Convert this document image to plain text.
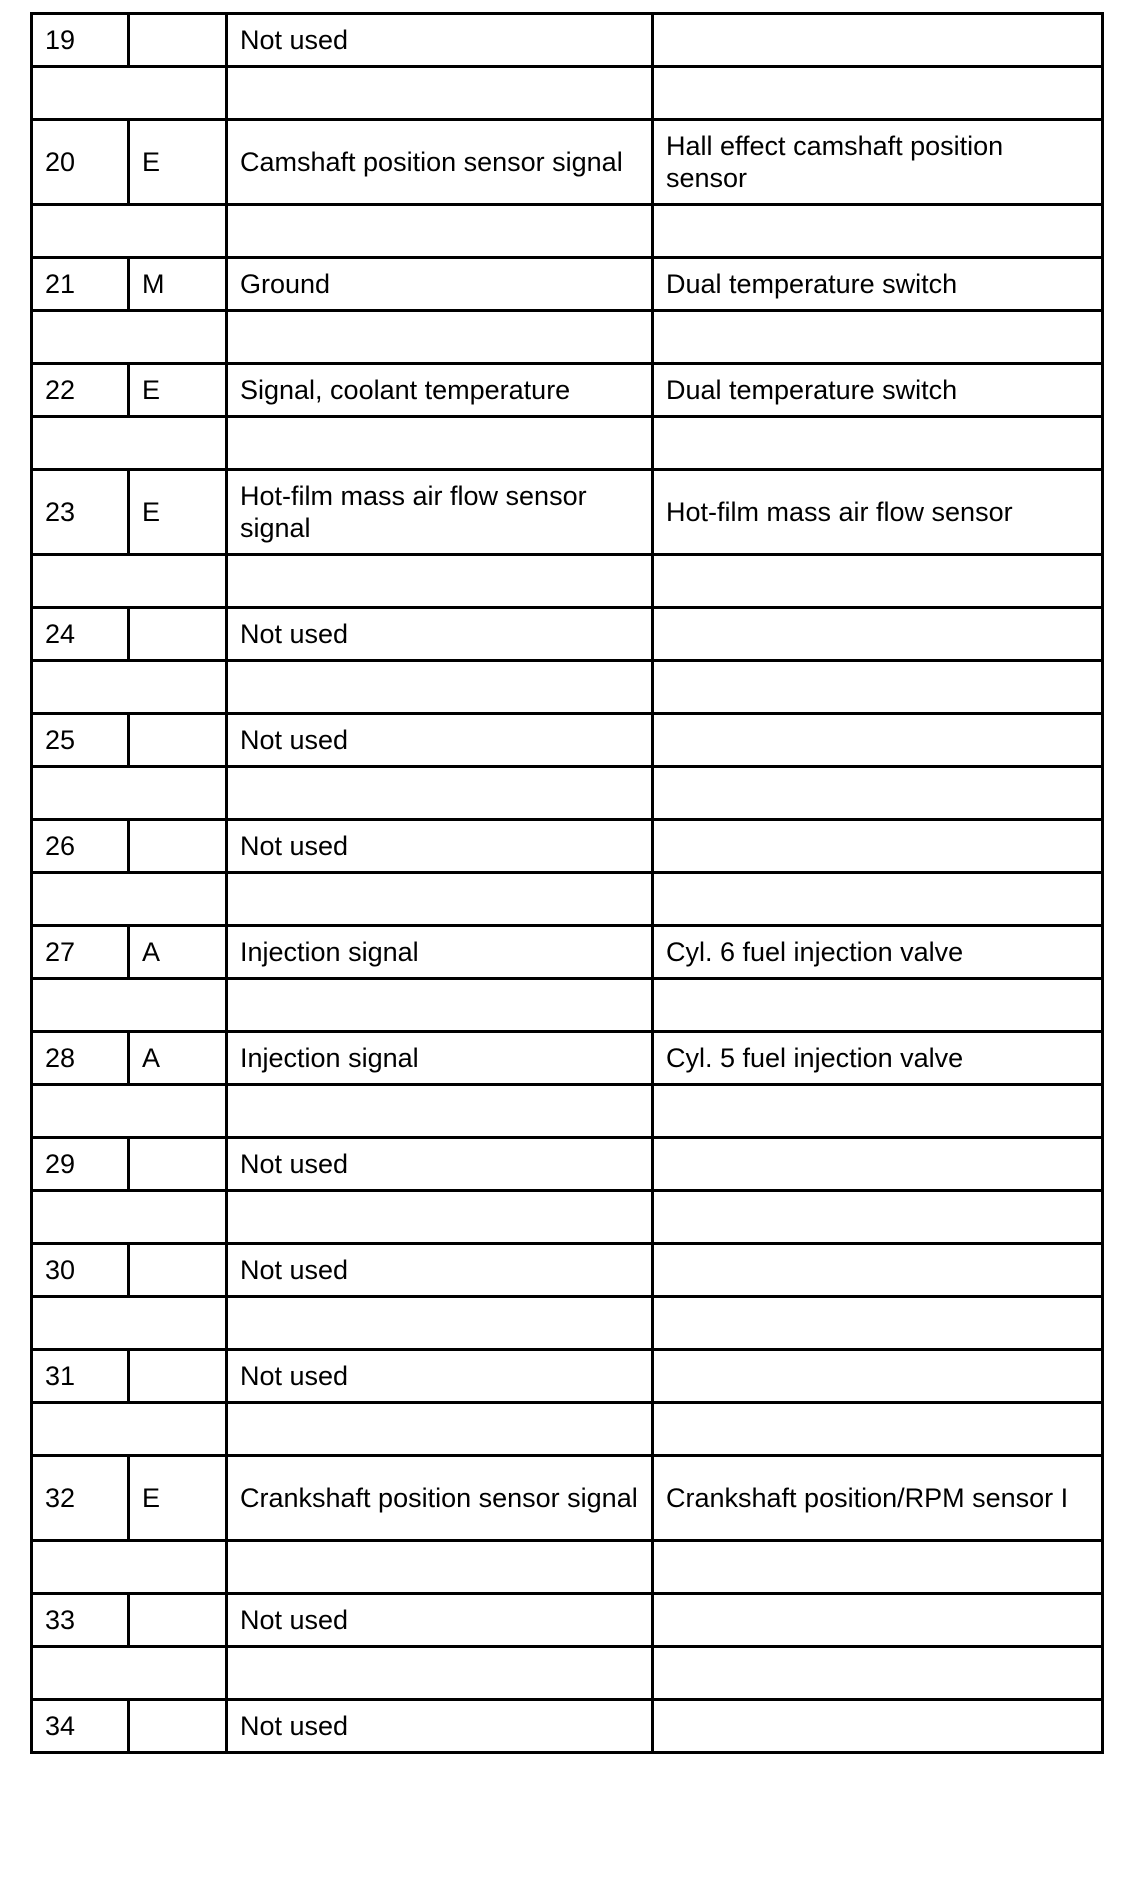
19		Not used	

20	E	Camshaft position sensor signal	Hall effect camshaft position sensor

21	M	Ground	Dual temperature switch

22	E	Signal, coolant temperature	Dual temperature switch

23	E	Hot-film mass air flow sensor signal	Hot-film mass air flow sensor

24		Not used	

25		Not used	

26		Not used	

27	A	Injection signal	Cyl. 6 fuel injection valve

28	A	Injection signal	Cyl. 5 fuel injection valve

29		Not used	

30		Not used	

31		Not used	

32	E	Crankshaft position sensor signal	Crankshaft position/RPM sensor I

33		Not used	

34		Not used	
